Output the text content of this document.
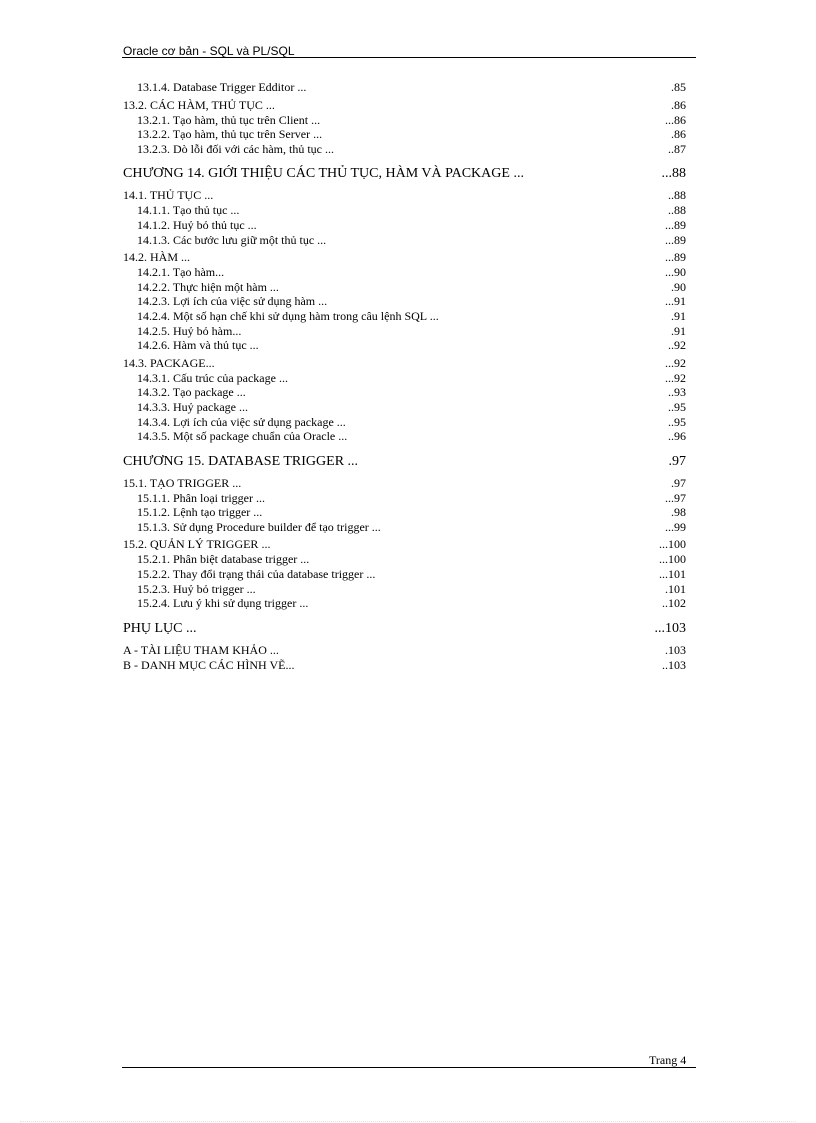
Oracle cơ bản - SQL và PL/SQL
13.1.4. Database Trigger Edditor ...	.85
13.2. CÁC HÀM, THỦ TỤC ...	.86
13.2.1. Tạo hàm, thủ tục trên Client ...	...86
13.2.2. Tạo hàm, thủ tục trên Server ...	.86
13.2.3. Dò lỗi đối với các hàm, thủ tục ...	..87
CHƯƠNG 14. GIỚI THIỆU CÁC THỦ TỤC, HÀM VÀ PACKAGE ...	...88
14.1. THỦ TỤC ...	..88
14.1.1. Tạo thủ tục ...	..88
14.1.2. Huỷ bỏ thủ tục ...	...89
14.1.3. Các bước lưu giữ một thủ tục ...	...89
14.2. HÀM ...	...89
14.2.1. Tạo hàm...	...90
14.2.2. Thực hiện một hàm ...	.90
14.2.3. Lợi ích của việc sử dụng hàm ...	...91
14.2.4. Một số hạn chế khi sử dụng hàm trong câu lệnh SQL ...	.91
14.2.5. Huỷ bỏ hàm...	.91
14.2.6. Hàm và thủ tục ...	..92
14.3. PACKAGE...	...92
14.3.1. Cấu trúc của package ...	...92
14.3.2. Tạo package ...	..93
14.3.3. Huỷ package ...	..95
14.3.4. Lợi ích của việc sử dụng package ...	..95
14.3.5. Một số package chuẩn của Oracle ...	..96
CHƯƠNG 15. DATABASE TRIGGER ...	.97
15.1. TẠO TRIGGER ...	.97
15.1.1. Phân loại trigger ...	...97
15.1.2. Lệnh tạo trigger ...	.98
15.1.3. Sử dụng Procedure builder để tạo trigger ...	...99
15.2. QUẢN LÝ TRIGGER ...	...100
15.2.1. Phân biệt database trigger ...	...100
15.2.2. Thay đổi trạng thái của database trigger ...	...101
15.2.3. Huỷ bỏ trigger ...	.101
15.2.4. Lưu ý khi sử dụng trigger ...	..102
PHỤ LỤC ...	...103
A - TÀI LIỆU THAM KHẢO ...	.103
B - DANH MỤC CÁC HÌNH VẼ...	..103
Trang 4
